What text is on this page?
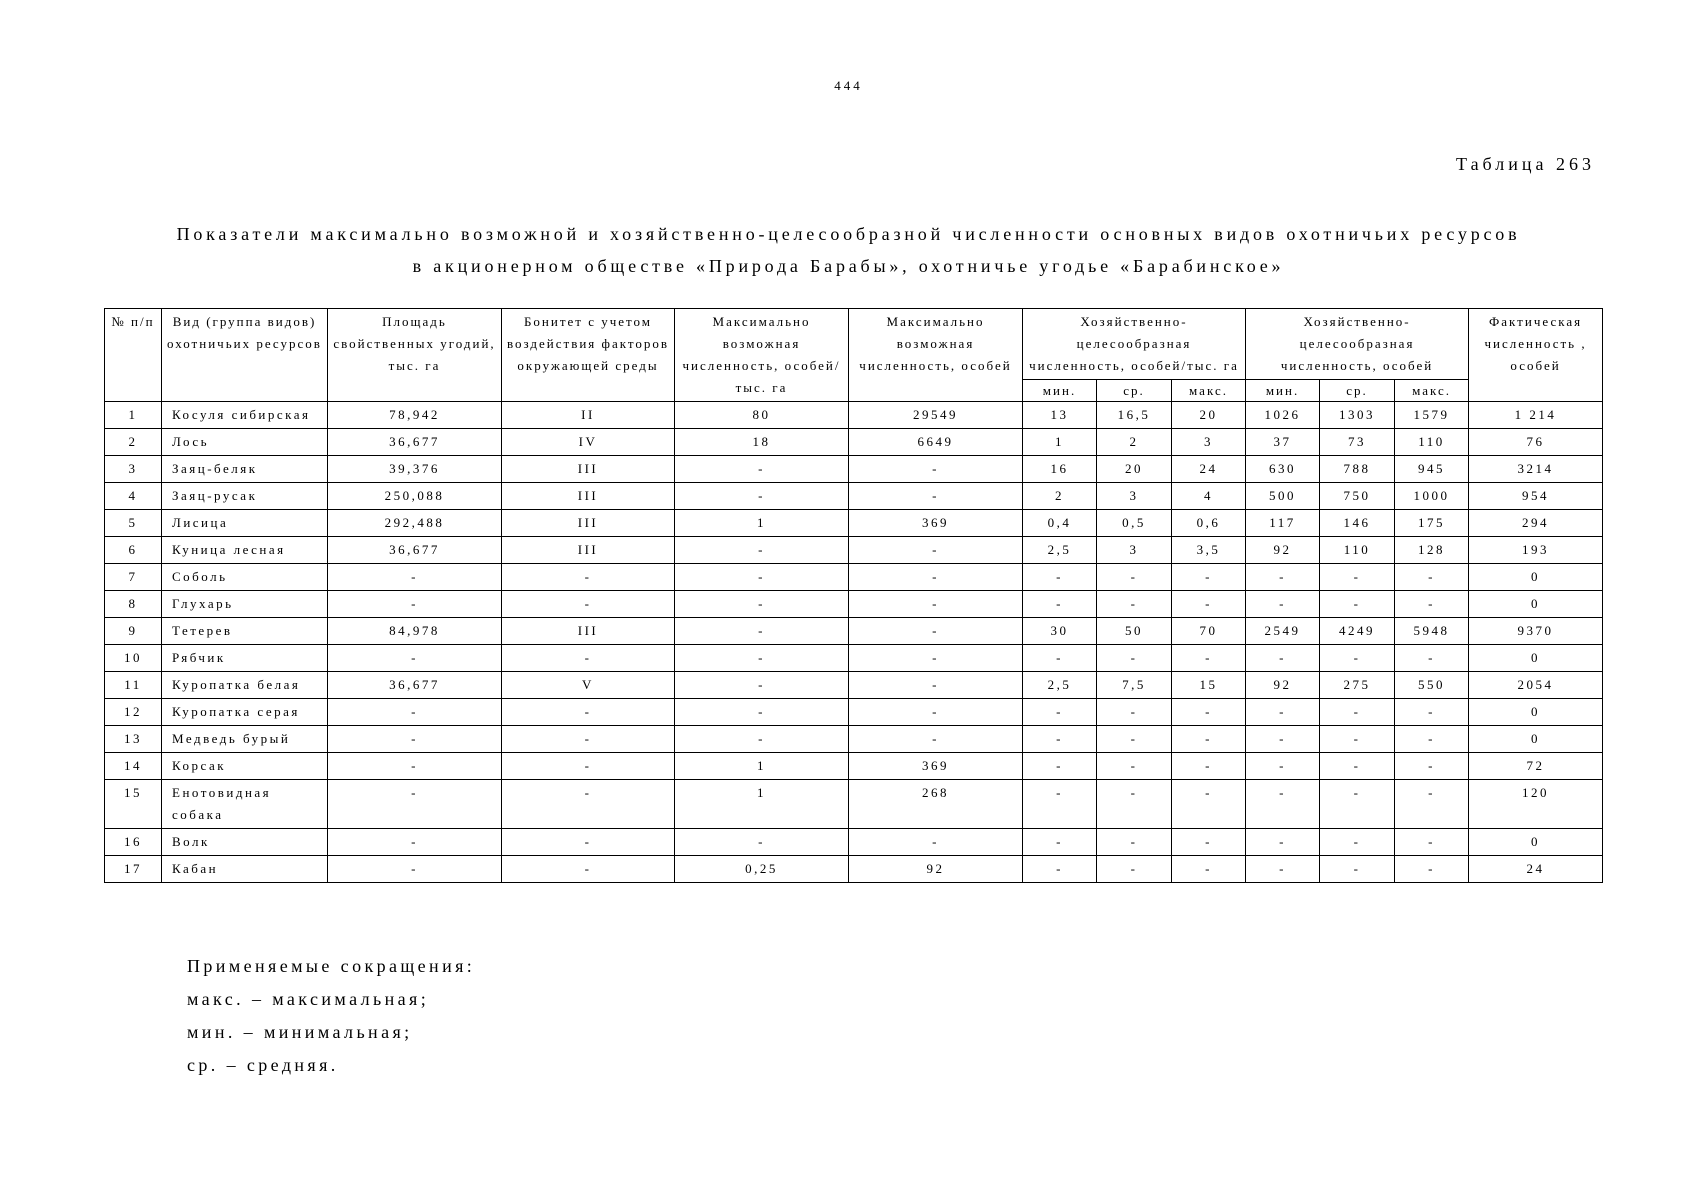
444
Таблица 263
Показатели максимально возможной и хозяйственно-целесообразной численности основных видов охотничьих ресурсов
в акционерном обществе «Природа Барабы», охотничье угодье «Барабинское»
№ п/п	Вид (группа видов) охотничьих ресурсов	Площадь свойственных угодий, тыс. га	Бонитет с учетом воздействия факторов окружающей среды	Максимально возможная численность, особей/тыс. га	Максимально возможная численность, особей	Хозяйственно-целесообразная численность, особей/тыс. га			Хозяйственно-целесообразная численность, особей			Фактическая численность , особей
						мин.	ср.	макс.	мин.	ср.	макс.	
1	Косуля сибирская	78,942	II	80	29549	13	16,5	20	1026	1303	1579	1 214
2	Лось	36,677	IV	18	6649	1	2	3	37	73	110	76
3	Заяц-беляк	39,376	III	-	-	16	20	24	630	788	945	3214
4	Заяц-русак	250,088	III	-	-	2	3	4	500	750	1000	954
5	Лисица	292,488	III	1	369	0,4	0,5	0,6	117	146	175	294
6	Куница лесная	36,677	III	-	-	2,5	3	3,5	92	110	128	193
7	Соболь	-	-	-	-	-	-	-	-	-	-	0
8	Глухарь	-	-	-	-	-	-	-	-	-	-	0
9	Тетерев	84,978	III	-	-	30	50	70	2549	4249	5948	9370
10	Рябчик	-	-	-	-	-	-	-	-	-	-	0
11	Куропатка белая	36,677	V	-	-	2,5	7,5	15	92	275	550	2054
12	Куропатка серая	-	-	-	-	-	-	-	-	-	-	0
13	Медведь бурый	-	-	-	-	-	-	-	-	-	-	0
14	Корсак	-	-	1	369	-	-	-	-	-	-	72
15	Енотовидная собака	-	-	1	268	-	-	-	-	-	-	120
16	Волк	-	-	-	-	-	-	-	-	-	-	0
17	Кабан	-	-	0,25	92	-	-	-	-	-	-	24
Применяемые сокращения:
макс. – максимальная;
мин. – минимальная;
ср. – средняя.
